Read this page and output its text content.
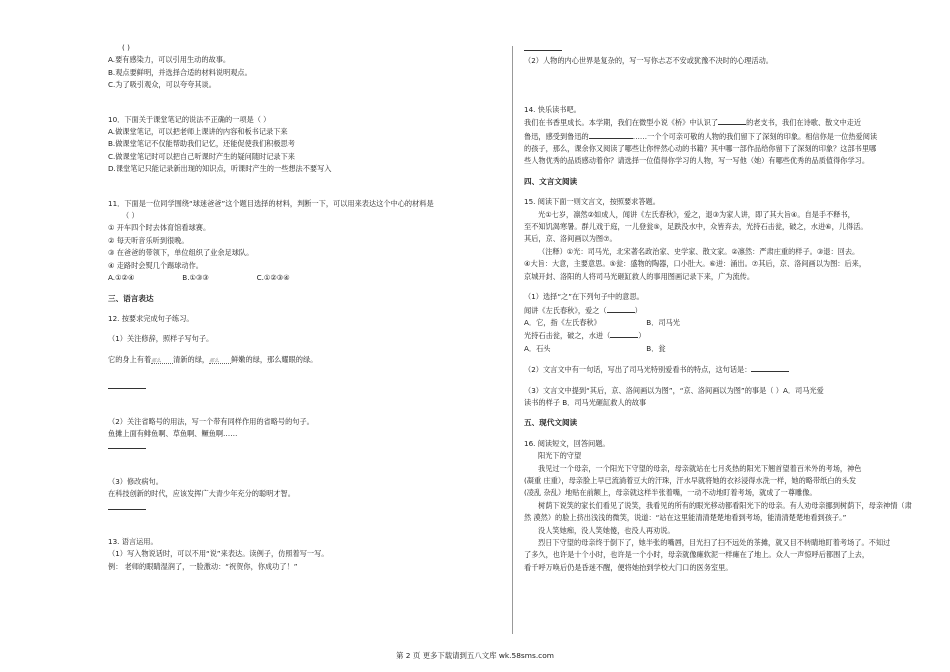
( )
A.要有感染力，可以引用生动的故事。
B.观点要鲜明，并选择合适的材料说明观点。
C.为了吸引观众，可以夸夸其谈。
10．下面关于课堂笔记的说法不正确的一项是（ ）
A.做课堂笔记，可以把老师上课讲的内容和板书记录下来
B.做课堂笔记不仅能帮助我们记忆，还能促使我们积极思考
C.做课堂笔记时可以把自己听课时产生的疑问随时记录下来
D.课堂笔记只能记录新出现的知识点，听课时产生的一些想法不要写入
11．下面是一位同学围绕“球迷爸爸”这个题目选择的材料，判断一下，可以用来表达这个中心的材料是
（ ）
① 开车四个时去体育馆看球赛。
② 每天听音乐听到很晚。
③ 在爸爸的带领下，单位组织了业余足球队。
④ 走路时会熨几个踢球动作。
A.①②④	B.①③③	C.①②③④
三、语言表达
12. 按要求完成句子练习。
（1）关注修辞，照样子写句子。
它的身上有着那么 清新的绿，那么 鲜嫩的绿，那么耀眼的绿。
（2）关注省略号的用法，写一个带有同样作用的省略号的句子。
鱼摊上面有鲱鱼啊、草鱼啊、鳜鱼啊……
（3）修改病句。
在科技创新的时代，应该发挥广大青少年充分的聪明才智。
13. 语言运用。
（1）写入物说话时，可以不用“说”来表达。读例子，仿照着写一写。
例： 老师的眼睛湿润了，一脸激动：“祝贺你，你成功了！”
（2）人物的内心世界是复杂的，写一写你忐忑不安或犹豫不决时的心理活动。
14. 快乐读书吧。
我们在书香里成长。本学期，我们在微型小说《桥》中认识了	的老支书，我们在诗歌、散文中走近
鲁迅，感受到鲁迅的	……一个个可亲可敬的人物的我们留下了深刻的印象。相信你是一位热爱阅读
的孩子，那么，课余你又阅读了哪些让你怦然心动的书籍？其中哪一部作品给你留下了深刻的印象？这部书里哪
些人物优秀的品质感动着你？请选择一位值得你学习的人物，写一写他（她）有哪些优秀的品质值得你学习。
四、文言文阅读
15. 阅读下面一则文言文，按照要求答题。
光①七岁，凛然②如成人，闻讲《左氏春秋》，爱之，退③为家人讲，即了其大旨④。自是手不释书，
至不知饥渴寒暑。群儿戏于庭，一儿登瓮⑤，足跌没水中，众皆弃去，光持石击瓮，破之，水迸⑥，儿得活。
其后，京、洛间画以为图⑦。
（注释）①光：司马光，北宋著名政治家、史学家、散文家。②凛然：严肃庄重的样子。③退：回去。
④大旨：大意，主要意思。⑤瓮：盛物的陶器，口小肚大。⑥迸：涌出。⑦其后，京、洛间画以为图：后来，
京城开封、洛阳的人将司马光砸缸救人的事用图画记录下来，广为流传。
（1）选择“之”在下列句子中的意思。
闻讲《左氏春秋》，爱之（	）
A．它，指《左氏春秋》	B．司马光
光持石击瓮，破之，水迸（	）
A．石头	B．瓮
（2）文言文中有一句话，写出了司马光特别爱看书的特点，这句话是：
（3）文言文中提到“其后，京、洛间画以为图”，“京、洛间画以为图”的事是（ ）A．司马光爱
读书的样子 B．司马光砸缸救人的故事
五、现代文阅读
16. 阅读短文，回答问题。
阳光下的守望
我见过一个母亲，一个阳光下守望的母亲，母亲就站在七月炙热的阳光下翘首望着百米外的考场，神色
(凝重 庄重），母亲脸上早已流淌着豆大的汗珠，汗水早就将她的衣衫浸得水洗一样，她的略带纸白的头发
(凌乱 杂乱）地贴在前额上，母亲就这样半张着嘴，一动不动地盯着考场，就成了一尊雕像。
树荫下说笑的家长们看见了说笑，我看见的所有的眼光移动都看阳光下的母亲。有人劝母亲挪到树荫下，母亲神情（肃
然 漠然）的脸上挤出浅浅的微笑，说道：“站在这里能清清楚楚地看到考场，能清清楚楚地看到孩子。”
没人笑她痴，没人笑她傻，也没人再劝说。
烈日下守望的母亲终于倒下了，她半张的嘴唇，目光扫了扫不远处的茶摊，就又目不转睛地盯着考场了。不知过
了多久，也许是十个小时，也许是一个小时，母亲就像瘫软泥一样瘫在了地上。众人一声惊呼后都围了上去，
看千呼万唤后仍是昏迷不醒，便将她抬到学校大门口的医务室里。
第 2 页 更多下载请到五八文库 wk.58sms.com
